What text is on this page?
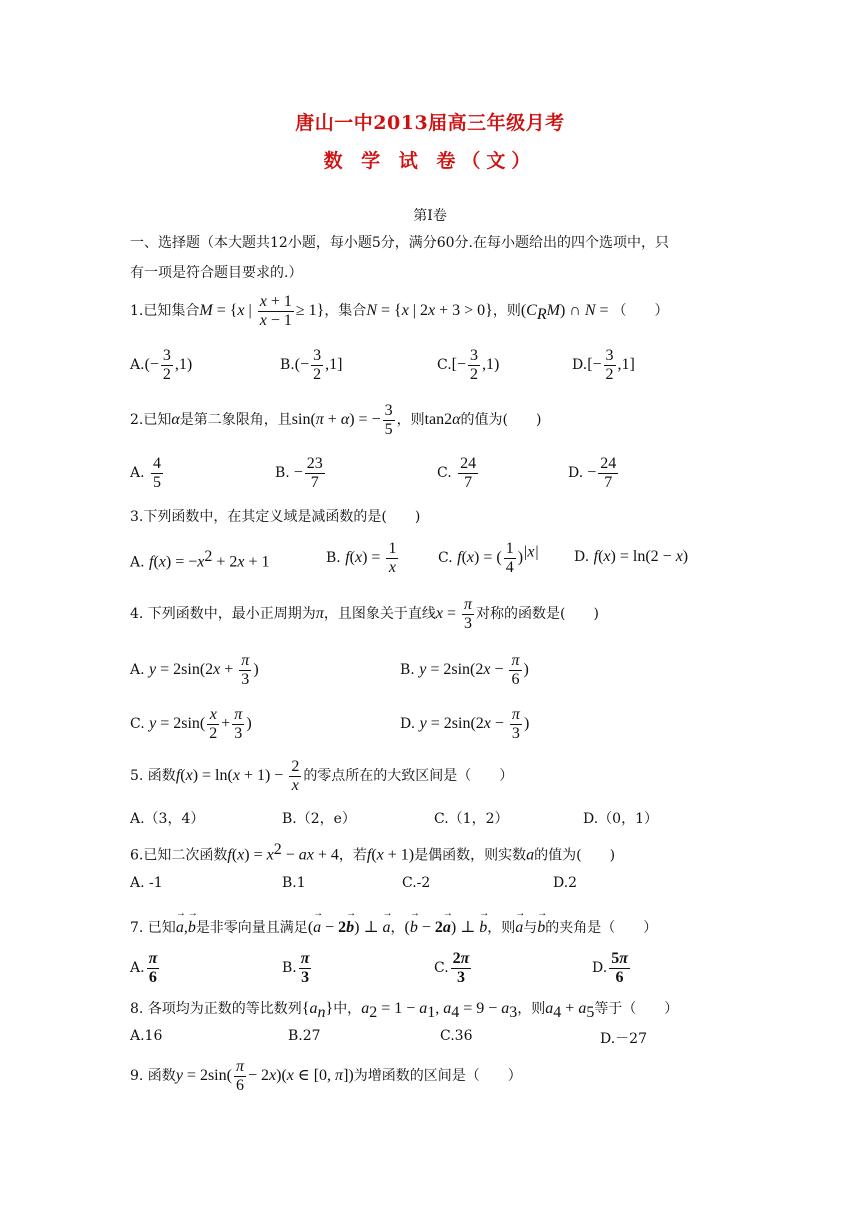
唐山一中2013届高三年级月考
数 学 试 卷（文）
第Ⅰ卷
一、选择题（本大题共12小题，每小题5分，满分60分.在每小题给出的四个选项中，只
有一项是符合题目要求的.）
1.已知集合M = {x | $\frac{x + 1}{x - 1} \ge 1$}，集合N = {x | 2x + 3 > 0}，则$(C_RM)$ ∩ N = （　　）
$A.(- \frac{3}{2} ,1)$	$B.(- \frac{3}{2} ,1]$	$C.[- \frac{3}{2} ,1)$	$D.[- \frac{3}{2} ,1]$
2.已知α是第二象限角，且sin(π + α) = − $\frac{3}{5}$ ，则tan2α的值为(　　)
A. $\frac{4}{5}$	B. − $\frac{23}{7}$	C. $\frac{24}{7}$	D. − $\frac{24}{7}$
3.下列函数中，在其定义域是减函数的是(　　)
A. $f(x) = -x^2 + 2x + 1$	B. $f(x) = \frac{1}{x}$	C. f(x) = ( $\frac{1}{4} )^{|x|}$	D. f(x) = ln(2 − x)
4. 下列函数中，最小正周期为π，且图象关于直线$x = \frac{\pi}{3}$ 对称的函数是(　　)
A. $y = 2\sin(2x + \frac{\pi}{3}$ )	B. $y = 2\sin(2x - \frac{\pi}{6}$ )
C. $y = 2\sin( \frac{x}{2} + \frac{\pi}{3}$ )	D. $y = 2\sin(2x - \frac{\pi}{3}$ )
5. 函数$f(x) = \ln(x + 1) - \frac{2}{x}$ 的零点所在的大致区间是（　　）
A.（3，4）	B.（2，e）	C.（1，2）	D.（0，1）
6.已知二次函数$f(x) = x^2$ − ax + 4，若f(x + 1)是偶函数，则实数a的值为(　　)
A. -1	B.1	C.-2	D.2
7. 已知→ a,→ b是非零向量且满足(→ a − 2→ b) ⊥ → a，(→ b − 2→ a) ⊥ → b，则→ a与→ b的夹角是（　　）
A. $\frac{\pi}{6}$	B. $\frac{\pi}{3}$	C. $\frac{2\pi}{3}$	D. $\frac{5\pi}{6}$
8. 各项均为正数的等比数列$\{a_n\}$中，$a_2 = 1 - a_1$, $a_4 = 9 - a_3$，则$a_4 + a_5$等于（　　）
A.16	B.27	C.36	D.－27
9. 函数$y = 2\sin( \frac{\pi}{6} - 2x)(x$ ∈ [0, π])为增函数的区间是（　　）
